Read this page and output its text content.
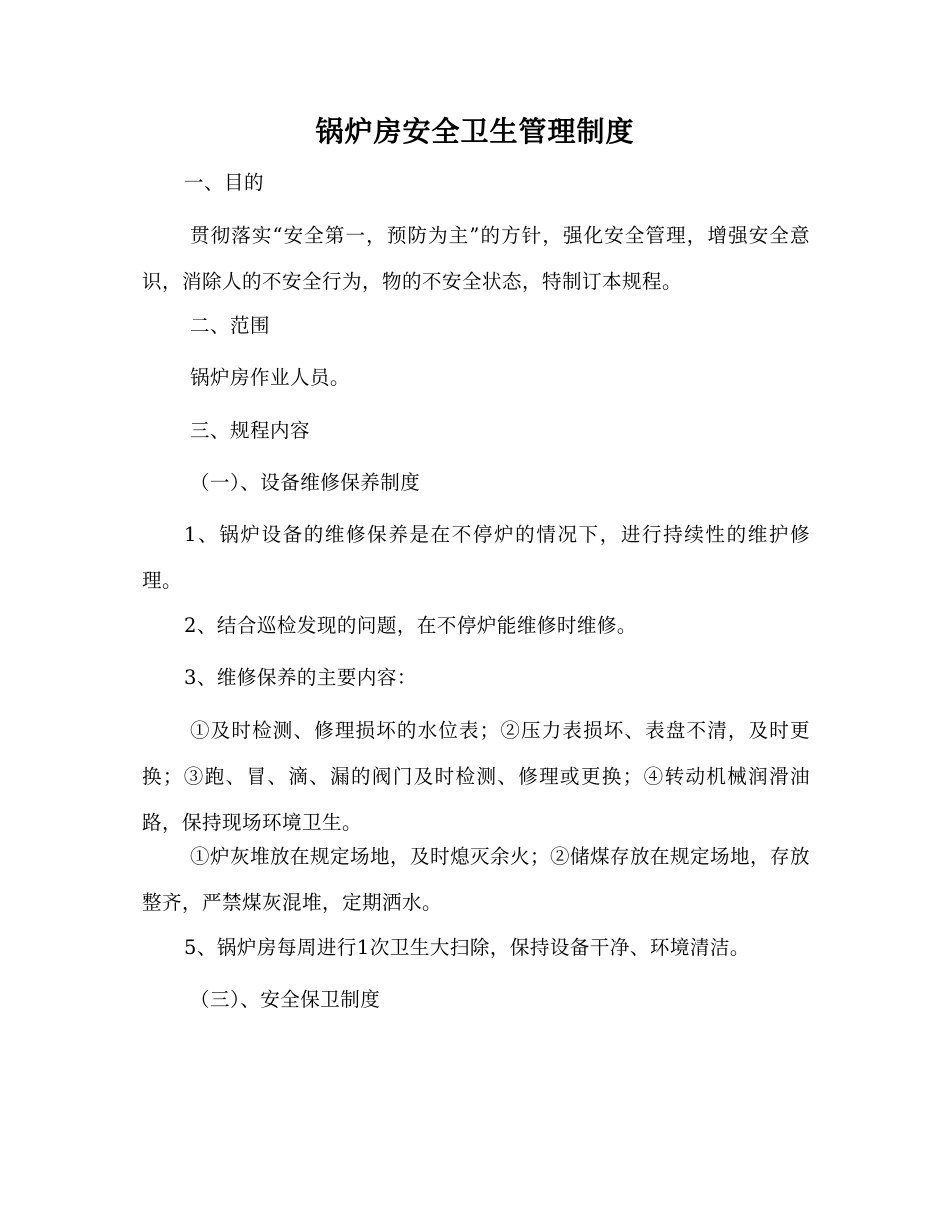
锅炉房安全卫生管理制度

一、目的

贯彻落实“安全第一，预防为主”的方针，强化安全管理，增强安全意识，消除人的不安全行为，物的不安全状态，特制订本规程。

二、范围

锅炉房作业人员。

三、规程内容

（一）、设备维修保养制度

1、锅炉设备的维修保养是在不停炉的情况下，进行持续性的维护修理。

2、结合巡检发现的问题，在不停炉能维修时维修。

3、维修保养的主要内容：

①及时检测、修理损坏的水位表；②压力表损坏、表盘不清，及时更换；③跑、冒、滴、漏的阀门及时检测、修理或更换；④转动机械润滑油路，保持现场环境卫生。

①炉灰堆放在规定场地，及时熄灭余火；②储煤存放在规定场地，存放整齐，严禁煤灰混堆，定期洒水。

5、锅炉房每周进行1次卫生大扫除，保持设备干净、环境清洁。

（三）、安全保卫制度
